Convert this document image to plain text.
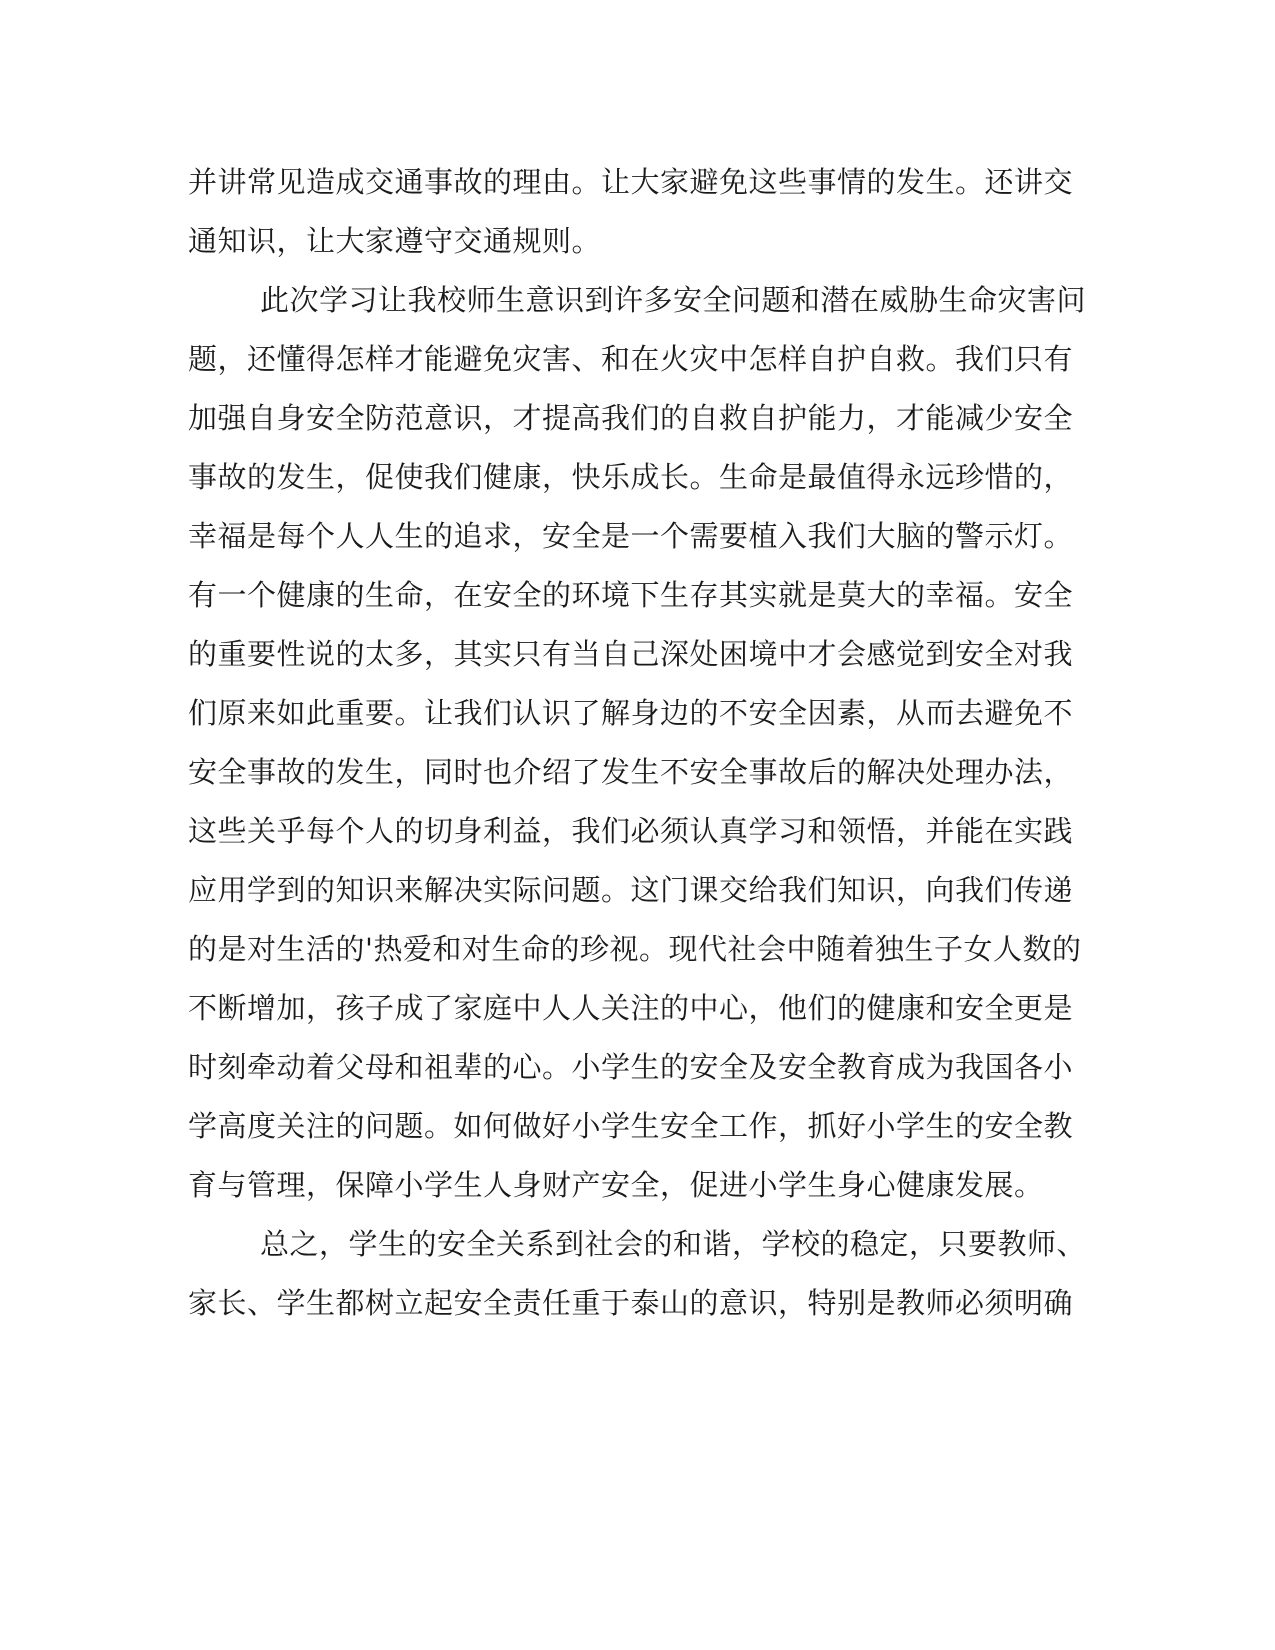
并讲常见造成交通事故的理由。让大家避免这些事情的发生。还讲交
通知识，让大家遵守交通规则。
此次学习让我校师生意识到许多安全问题和潜在威胁生命灾害问
题，还懂得怎样才能避免灾害、和在火灾中怎样自护自救。我们只有
加强自身安全防范意识，才提高我们的自救自护能力，才能减少安全
事故的发生，促使我们健康，快乐成长。生命是最值得永远珍惜的，
幸福是每个人人生的追求，安全是一个需要植入我们大脑的警示灯。
有一个健康的生命，在安全的环境下生存其实就是莫大的幸福。安全
的重要性说的太多，其实只有当自己深处困境中才会感觉到安全对我
们原来如此重要。让我们认识了解身边的不安全因素，从而去避免不
安全事故的发生，同时也介绍了发生不安全事故后的解决处理办法，
这些关乎每个人的切身利益，我们必须认真学习和领悟，并能在实践
应用学到的知识来解决实际问题。这门课交给我们知识，向我们传递
的是对生活的'热爱和对生命的珍视。现代社会中随着独生子女人数的
不断增加，孩子成了家庭中人人关注的中心，他们的健康和安全更是
时刻牵动着父母和祖辈的心。小学生的安全及安全教育成为我国各小
学高度关注的问题。如何做好小学生安全工作，抓好小学生的安全教
育与管理，保障小学生人身财产安全，促进小学生身心健康发展。
总之，学生的安全关系到社会的和谐，学校的稳定，只要教师、
家长、学生都树立起安全责任重于泰山的意识，特别是教师必须明确
